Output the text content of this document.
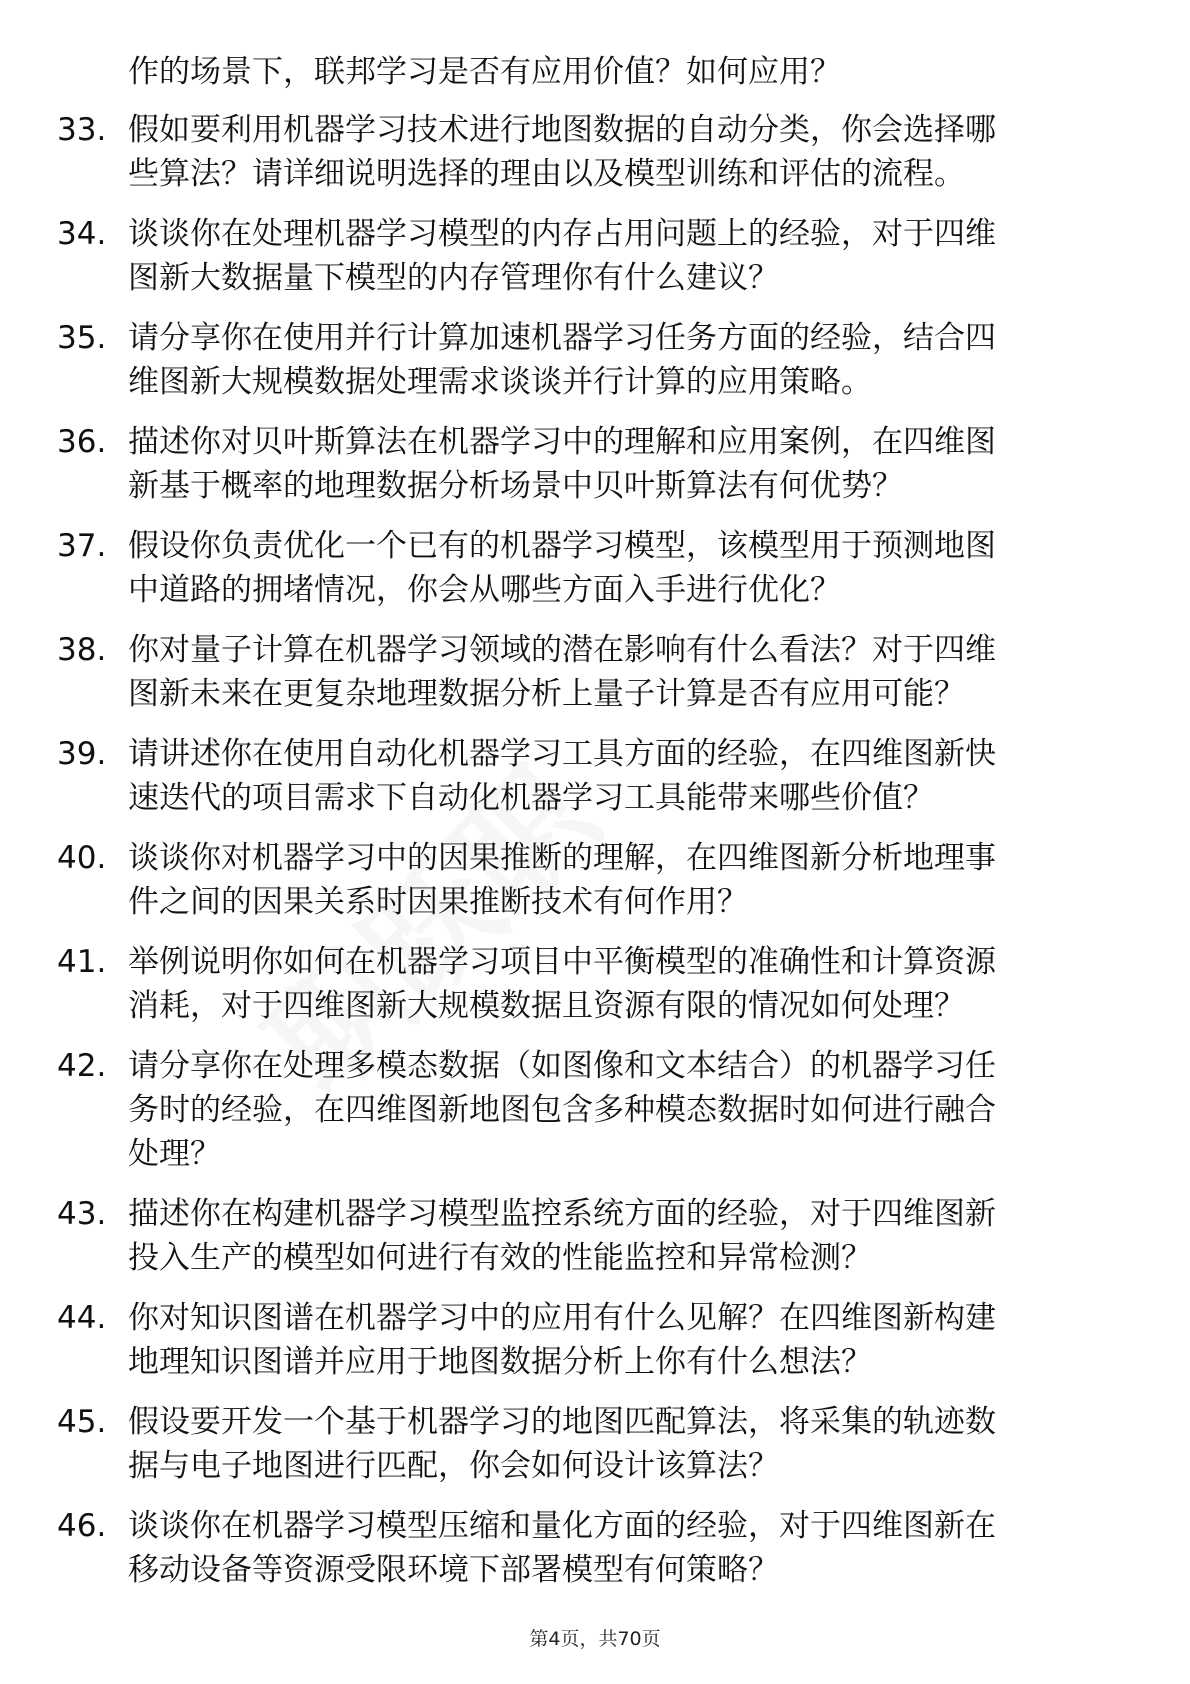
作的场景下，联邦学习是否有应用价值？如何应用？
33. 假如要利用机器学习技术进行地图数据的自动分类，你会选择哪
些算法？请详细说明选择的理由以及模型训练和评估的流程。
34. 谈谈你在处理机器学习模型的内存占用问题上的经验，对于四维
图新大数据量下模型的内存管理你有什么建议？
35. 请分享你在使用并行计算加速机器学习任务方面的经验，结合四
维图新大规模数据处理需求谈谈并行计算的应用策略。
36. 描述你对贝叶斯算法在机器学习中的理解和应用案例，在四维图
新基于概率的地理数据分析场景中贝叶斯算法有何优势？
37. 假设你负责优化一个已有的机器学习模型，该模型用于预测地图
中道路的拥堵情况，你会从哪些方面入手进行优化？
38. 你对量子计算在机器学习领域的潜在影响有什么看法？对于四维
图新未来在更复杂地理数据分析上量子计算是否有应用可能？
39. 请讲述你在使用自动化机器学习工具方面的经验，在四维图新快
速迭代的项目需求下自动化机器学习工具能带来哪些价值？
40. 谈谈你对机器学习中的因果推断的理解，在四维图新分析地理事
件之间的因果关系时因果推断技术有何作用？
41. 举例说明你如何在机器学习项目中平衡模型的准确性和计算资源
消耗，对于四维图新大规模数据且资源有限的情况如何处理？
42. 请分享你在处理多模态数据（如图像和文本结合）的机器学习任
务时的经验，在四维图新地图包含多种模态数据时如何进行融合
处理？
43. 描述你在构建机器学习模型监控系统方面的经验，对于四维图新
投入生产的模型如何进行有效的性能监控和异常检测？
44. 你对知识图谱在机器学习中的应用有什么见解？在四维图新构建
地理知识图谱并应用于地图数据分析上你有什么想法？
45. 假设要开发一个基于机器学习的地图匹配算法，将采集的轨迹数
据与电子地图进行匹配，你会如何设计该算法？
46. 谈谈你在机器学习模型压缩和量化方面的经验，对于四维图新在
移动设备等资源受限环境下部署模型有何策略？
第4页，共70页
